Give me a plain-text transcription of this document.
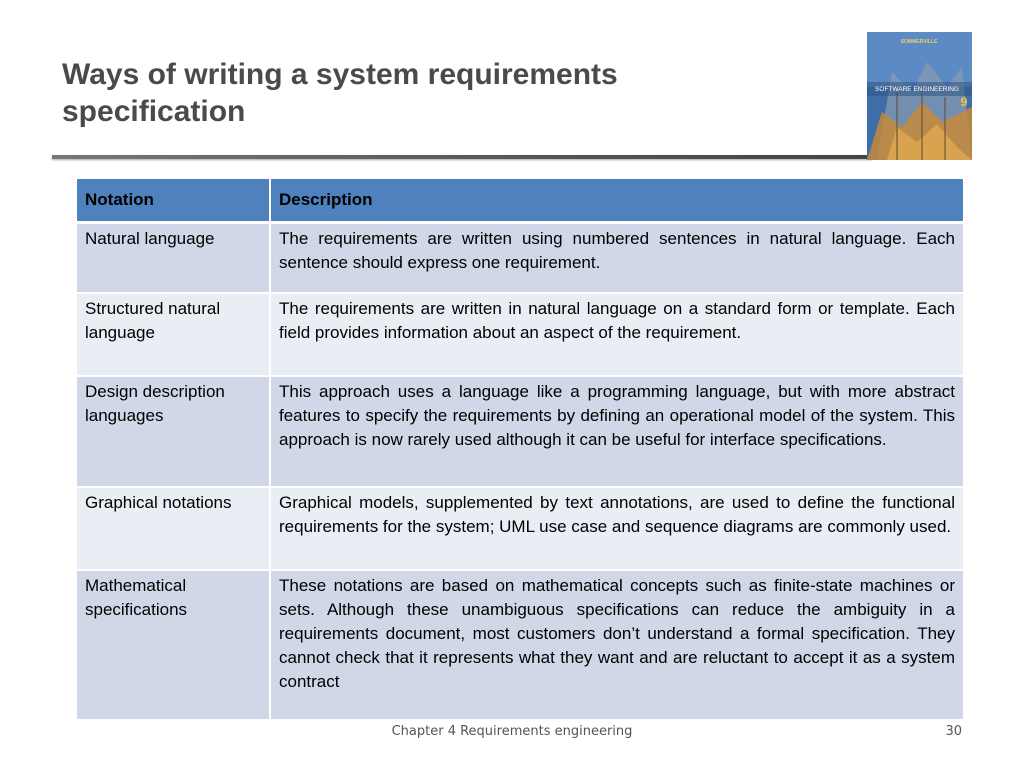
Ways of writing a system requirements specification
SOMMERVILLE
SOFTWARE ENGINEERING
9
Notation	Description
Natural language	The requirements are written using numbered sentences in natural language. Each sentence should express one requirement.
Structured natural language	The requirements are written in natural language on a standard form or template. Each field provides information about an aspect of the requirement.
Design description languages	This approach uses a language like a programming language, but with more abstract features to specify the requirements by defining an operational model of the system. This approach is now rarely used although it can be useful for interface specifications.
Graphical notations	Graphical models, supplemented by text annotations, are used to define the functional requirements for the system; UML use case and sequence diagrams are commonly used.
Mathematical specifications	These notations are based on mathematical concepts such as finite-state machines or sets. Although these unambiguous specifications can reduce the ambiguity in a requirements document, most customers don’t understand a formal specification. They cannot check that it represents what they want and are reluctant to accept it as a system contract
Chapter 4 Requirements engineering	30
